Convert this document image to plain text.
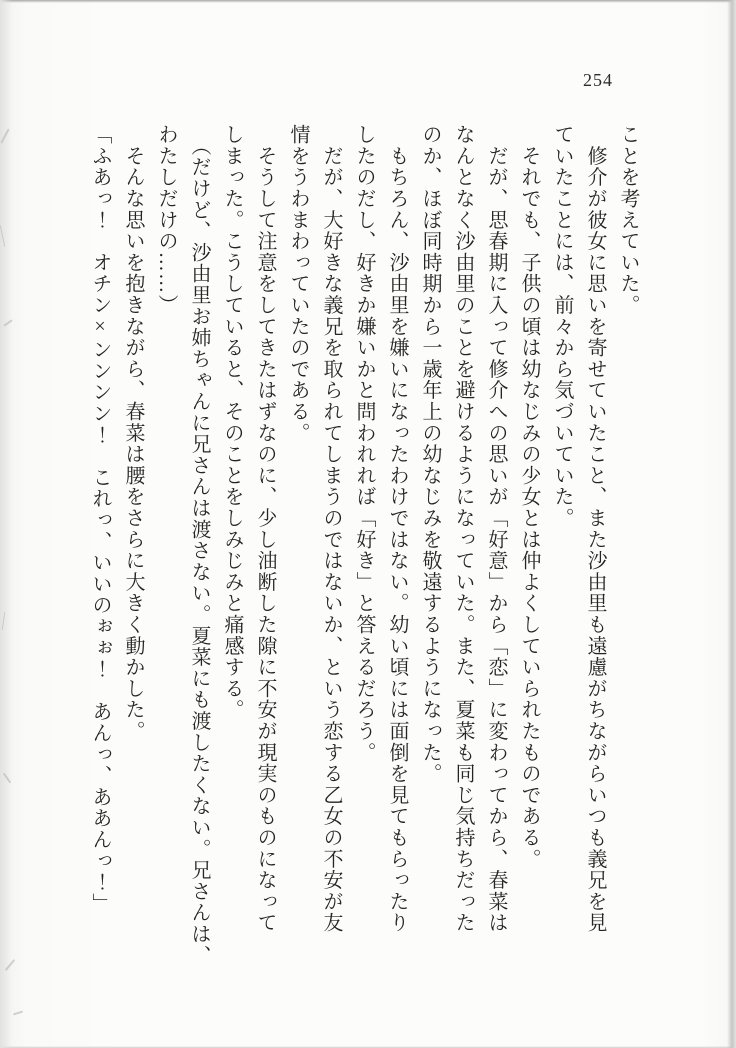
254
ことを考えていた。
　修介が彼女に思いを寄せていたこと、また沙由里も遠慮がちながらいつも義兄を見
ていたことには、前々から気づいていた。
　それでも、子供の頃は幼なじみの少女とは仲よくしていられたものである。
　だが、思春期に入って修介への思いが「好意」から「恋」に変わってから、春菜は
なんとなく沙由里のことを避けるようになっていた。また、夏菜も同じ気持ちだった
のか、ほぼ同時期から一歳年上の幼なじみを敬遠するようになった。
　もちろん、沙由里を嫌いになったわけではない。幼い頃には面倒を見てもらったり
したのだし、好きか嫌いかと問われれば「好き」と答えるだろう。
　だが、大好きな義兄を取られてしまうのではないか、という恋する乙女の不安が友
情をうわまわっていたのである。
　そうして注意をしてきたはずなのに、少し油断した隙に不安が現実のものになって
しまった。こうしていると、そのことをしみじみと痛感する。
　（だけど、沙由里お姉ちゃんに兄さんは渡さない。夏菜にも渡したくない。兄さんは、
わたしだけの……）
　そんな思いを抱きながら、春菜は腰をさらに大きく動かした。
「ふあっ！　オチン×ンンンン！　これっ、いいのぉぉ！　あんっ、ああんっ！」
